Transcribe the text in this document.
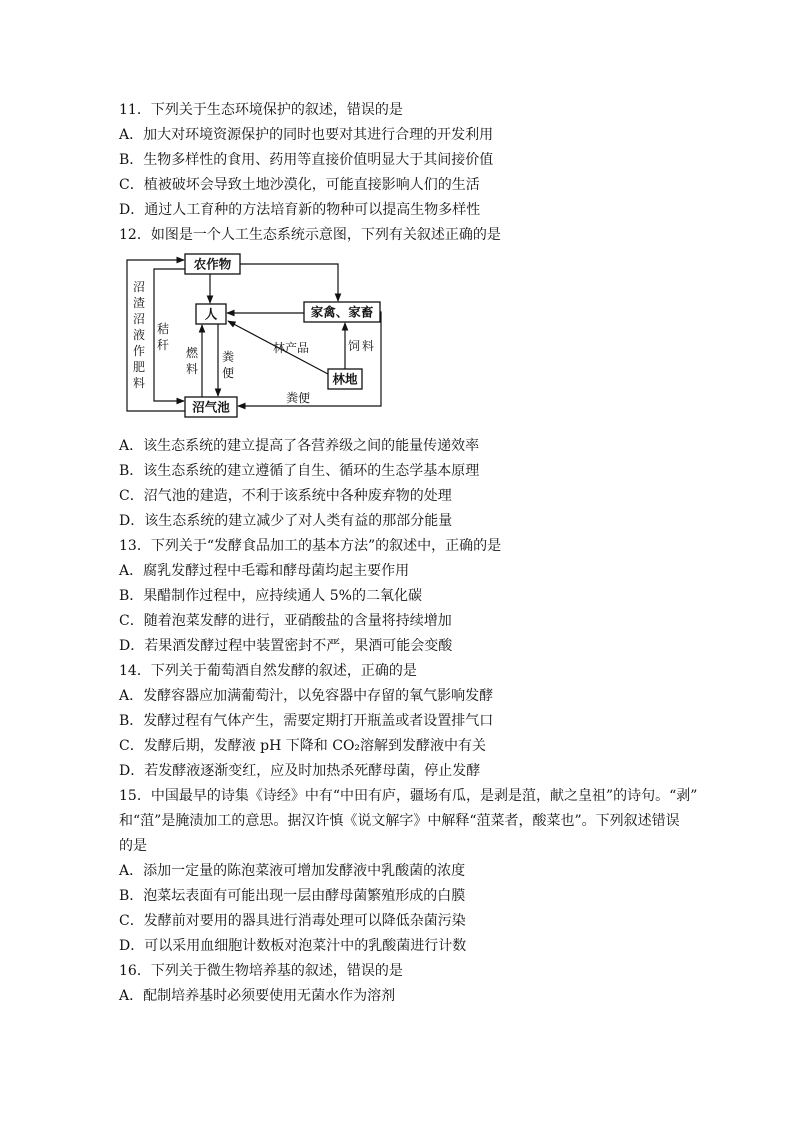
11．下列关于生态环境保护的叙述，错误的是
A．加大对环境资源保护的同时也要对其进行合理的开发利用
B．生物多样性的食用、药用等直接价值明显大于其间接价值
C．植被破坏会导致土地沙漠化，可能直接影响人们的生活
D．通过人工育种的方法培育新的物种可以提高生物多样性
12．如图是一个人工生态系统示意图，下列有关叙述正确的是
农作物
人	家禽、家畜
林地
沼气池
沼
渣
沼
液
作
肥
料
秸
秆
燃
料
粪
便
林产品	饲 料
粪便
A．该生态系统的建立提高了各营养级之间的能量传递效率
B．该生态系统的建立遵循了自生、循环的生态学基本原理
C．沼气池的建造，不利于该系统中各种废弃物的处理
D．该生态系统的建立减少了对人类有益的那部分能量
13．下列关于“发酵食品加工的基本方法”的叙述中，正确的是
A．腐乳发酵过程中毛霉和酵母菌均起主要作用
B．果醋制作过程中，应持续通人 5%的二氧化碳
C．随着泡菜发酵的进行，亚硝酸盐的含量将持续增加
D．若果酒发酵过程中装置密封不严，果酒可能会变酸
14．下列关于葡萄酒自然发酵的叙述，正确的是
A．发酵容器应加满葡萄汁，以免容器中存留的氧气影响发酵
B．发酵过程有气体产生，需要定期打开瓶盖或者设置排气口
C．发酵后期，发酵液 pH 下降和 CO₂溶解到发酵液中有关
D．若发酵液逐渐变红，应及时加热杀死酵母菌，停止发酵
15．中国最早的诗集《诗经》中有“中田有庐，疆场有瓜，是剥是菹，献之皇祖”的诗句。“剥”
和“菹”是腌渍加工的意思。据汉许慎《说文解字》中解释“菹菜者，酸菜也”。下列叙述错误
的是
A．添加一定量的陈泡菜液可增加发酵液中乳酸菌的浓度
B．泡菜坛表面有可能出现一层由酵母菌繁殖形成的白膜
C．发酵前对要用的器具进行消毒处理可以降低杂菌污染
D．可以采用血细胞计数板对泡菜汁中的乳酸菌进行计数
16．下列关于微生物培养基的叙述，错误的是
A．配制培养基时必须要使用无菌水作为溶剂
